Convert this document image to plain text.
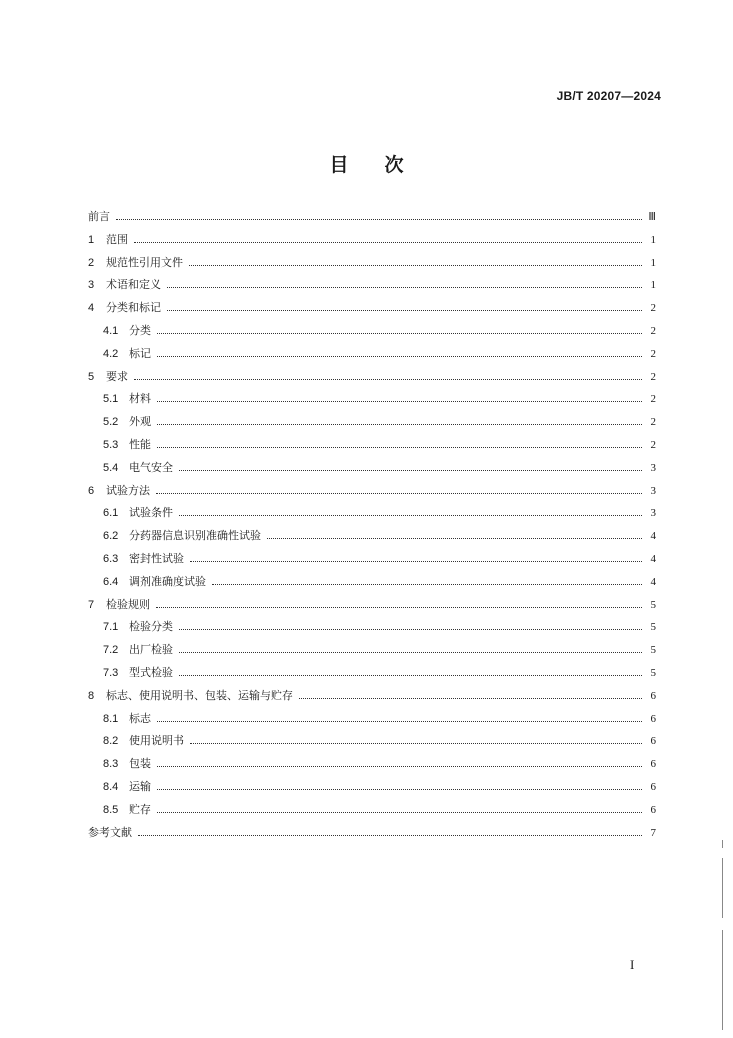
JB/T 20207—2024
目次
前言	Ⅲ
1	范围	1
2	规范性引用文件	1
3	术语和定义	1
4	分类和标记	2
4.1 分类	2
4.2 标记	2
5	要求	2
5.1 材料	2
5.2 外观	2
5.3 性能	2
5.4 电气安全	3
6	试验方法	3
6.1 试验条件	3
6.2 分药器信息识别准确性试验	4
6.3 密封性试验	4
6.4 调剂准确度试验	4
7	检验规则	5
7.1 检验分类	5
7.2 出厂检验	5
7.3 型式检验	5
8	标志、使用说明书、包装、运输与贮存	6
8.1 标志	6
8.2 使用说明书	6
8.3 包装	6
8.4 运输	6
8.5 贮存	6
参考文献	7
I
